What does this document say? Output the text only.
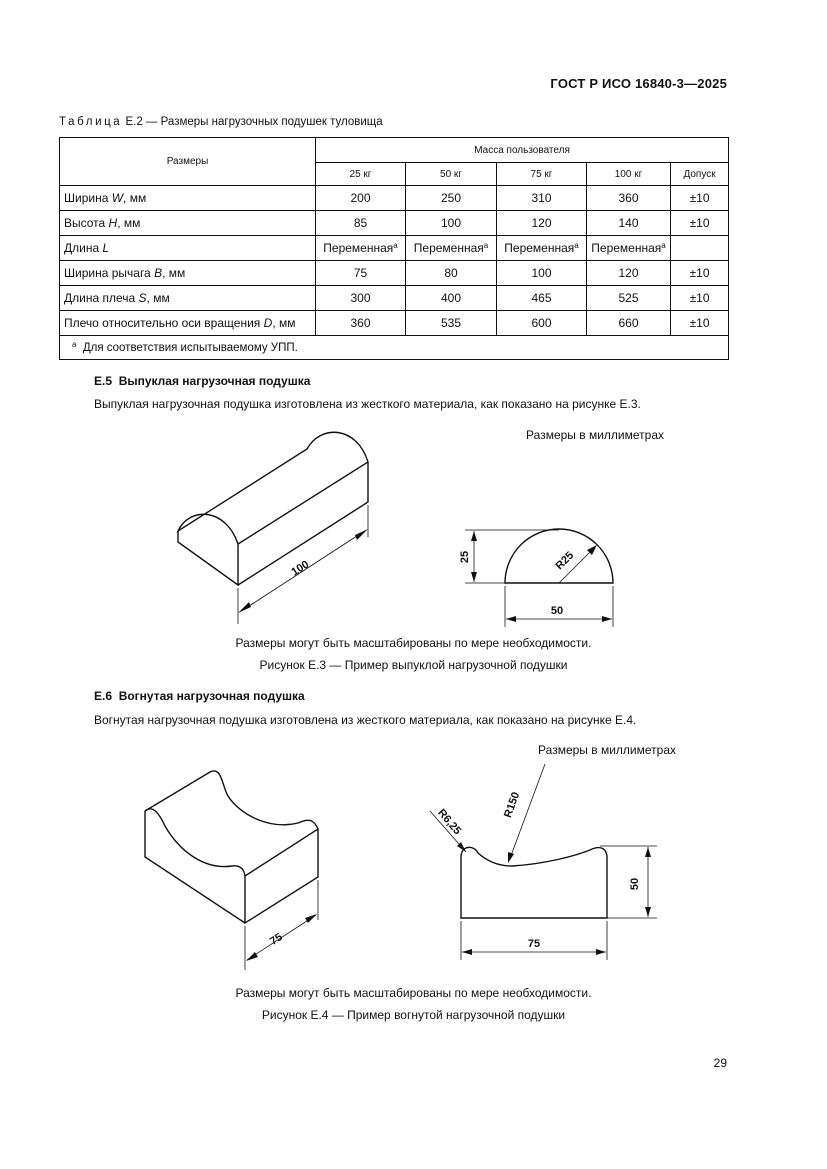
ГОСТ Р ИСО 16840-3—2025
Таблица Е.2 — Размеры нагрузочных подушек туловища
Размеры	Масса пользователя				
	25 кг	50 кг	75 кг	100 кг	Допуск
Ширина W, мм	200	250	310	360	±10
Высота H, мм	85	100	120	140	±10
Длина L	Переменная$^a$	Переменная$^a$	Переменная$^a$	Переменная$^a$	
Ширина рычага B, мм	75	80	100	120	±10
Длина плеча S, мм	300	400	465	525	±10
Плечо относительно оси вращения D, мм	360	535	600	660	±10
$^a$ Для соответствия испытываемому УПП.					
Е.5 Выпуклая нагрузочная подушка
Выпуклая нагрузочная подушка изготовлена из жесткого материала, как показано на рисунке Е.3.
Размеры в миллиметрах
100
25	R25
50
Размеры могут быть масштабированы по мере необходимости.
Рисунок Е.3 — Пример выпуклой нагрузочной подушки
Е.6 Вогнутая нагрузочная подушка
Вогнутая нагрузочная подушка изготовлена из жесткого материала, как показано на рисунке Е.4.
Размеры в миллиметрах
75
50
R150
R6,25
75
Размеры могут быть масштабированы по мере необходимости.
Рисунок Е.4 — Пример вогнутой нагрузочной подушки
29
